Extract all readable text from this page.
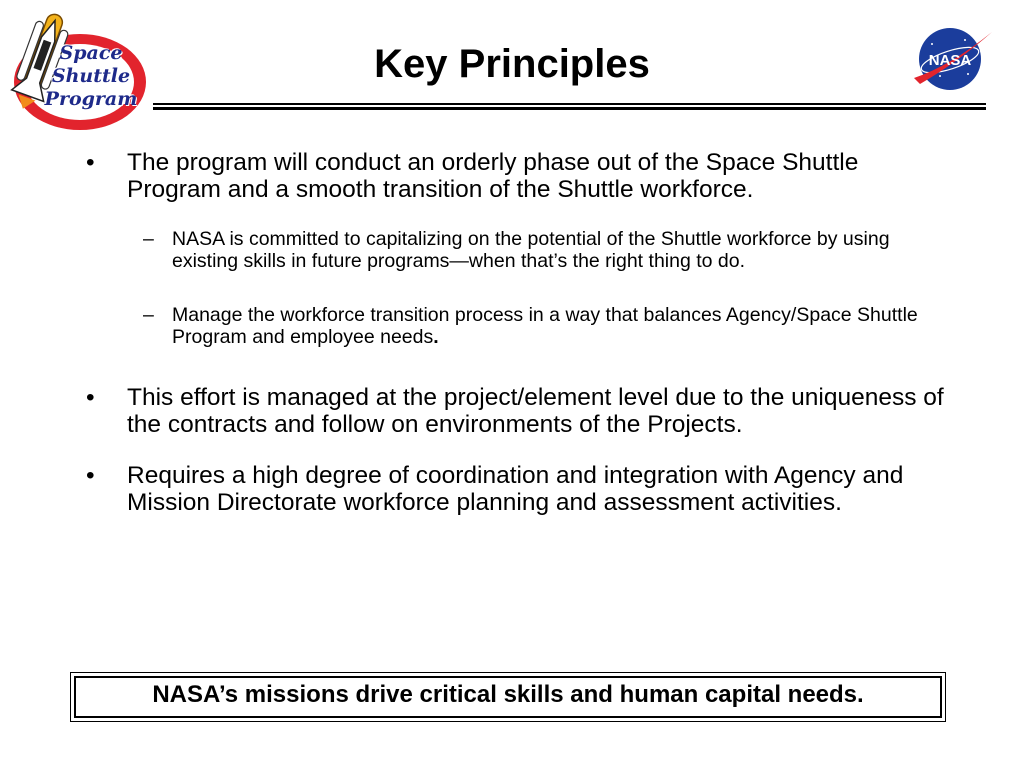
Space Shuttle Program
Key Principles	NASA
• The program will conduct an orderly phase out of the Space Shuttle Program and a smooth transition of the Shuttle workforce.
– NASA is committed to capitalizing on the potential of the Shuttle workforce by using existing skills in future programs—when that’s the right thing to do.
– Manage the workforce transition process in a way that balances Agency/Space Shuttle Program and employee needs.
• This effort is managed at the project/element level due to the uniqueness of the contracts and follow on environments of the Projects.
• Requires a high degree of coordination and integration with Agency and Mission Directorate workforce planning and assessment activities.
NASA’s missions drive critical skills and human capital needs.
